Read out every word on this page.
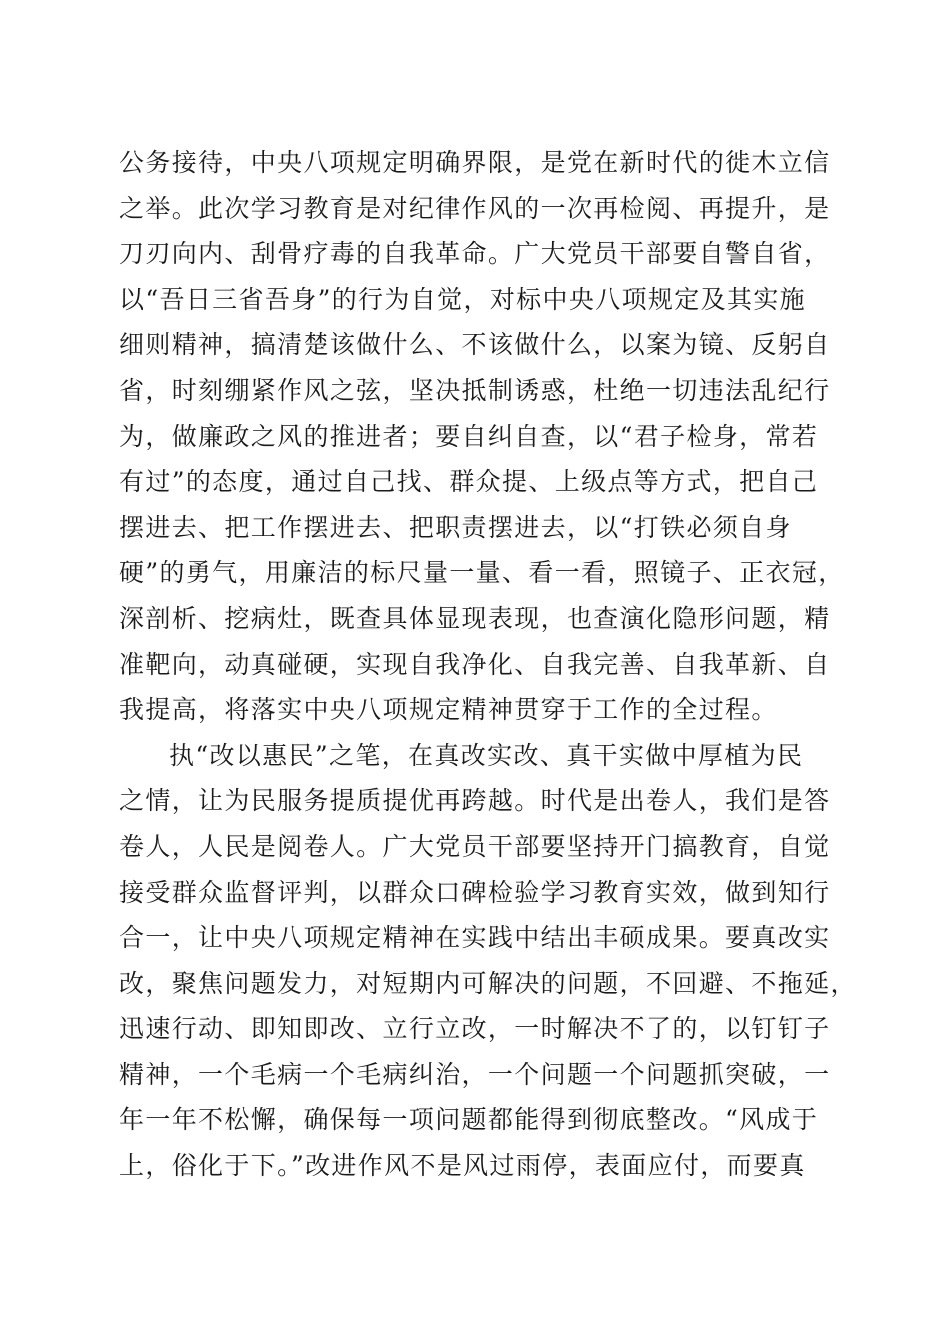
公务接待，中央八项规定明确界限，是党在新时代的徙木立信
之举。此次学习教育是对纪律作风的一次再检阅、再提升，是
刀刃向内、刮骨疗毒的自我革命。广大党员干部要自警自省，
以“吾日三省吾身”的行为自觉，对标中央八项规定及其实施
细则精神，搞清楚该做什么、不该做什么，以案为镜、反躬自
省，时刻绷紧作风之弦，坚决抵制诱惑，杜绝一切违法乱纪行
为，做廉政之风的推进者；要自纠自查，以“君子检身，常若
有过”的态度，通过自己找、群众提、上级点等方式，把自己
摆进去、把工作摆进去、把职责摆进去，以“打铁必须自身
硬”的勇气，用廉洁的标尺量一量、看一看，照镜子、正衣冠，
深剖析、挖病灶，既查具体显现表现，也查演化隐形问题，精
准靶向，动真碰硬，实现自我净化、自我完善、自我革新、自
我提高，将落实中央八项规定精神贯穿于工作的全过程。
执“改以惠民”之笔，在真改实改、真干实做中厚植为民
之情，让为民服务提质提优再跨越。时代是出卷人，我们是答
卷人，人民是阅卷人。广大党员干部要坚持开门搞教育，自觉
接受群众监督评判，以群众口碑检验学习教育实效，做到知行
合一，让中央八项规定精神在实践中结出丰硕成果。要真改实
改，聚焦问题发力，对短期内可解决的问题，不回避、不拖延，
迅速行动、即知即改、立行立改，一时解决不了的，以钉钉子
精神，一个毛病一个毛病纠治，一个问题一个问题抓突破，一
年一年不松懈，确保每一项问题都能得到彻底整改。“风成于
上，俗化于下。”改进作风不是风过雨停，表面应付，而要真
